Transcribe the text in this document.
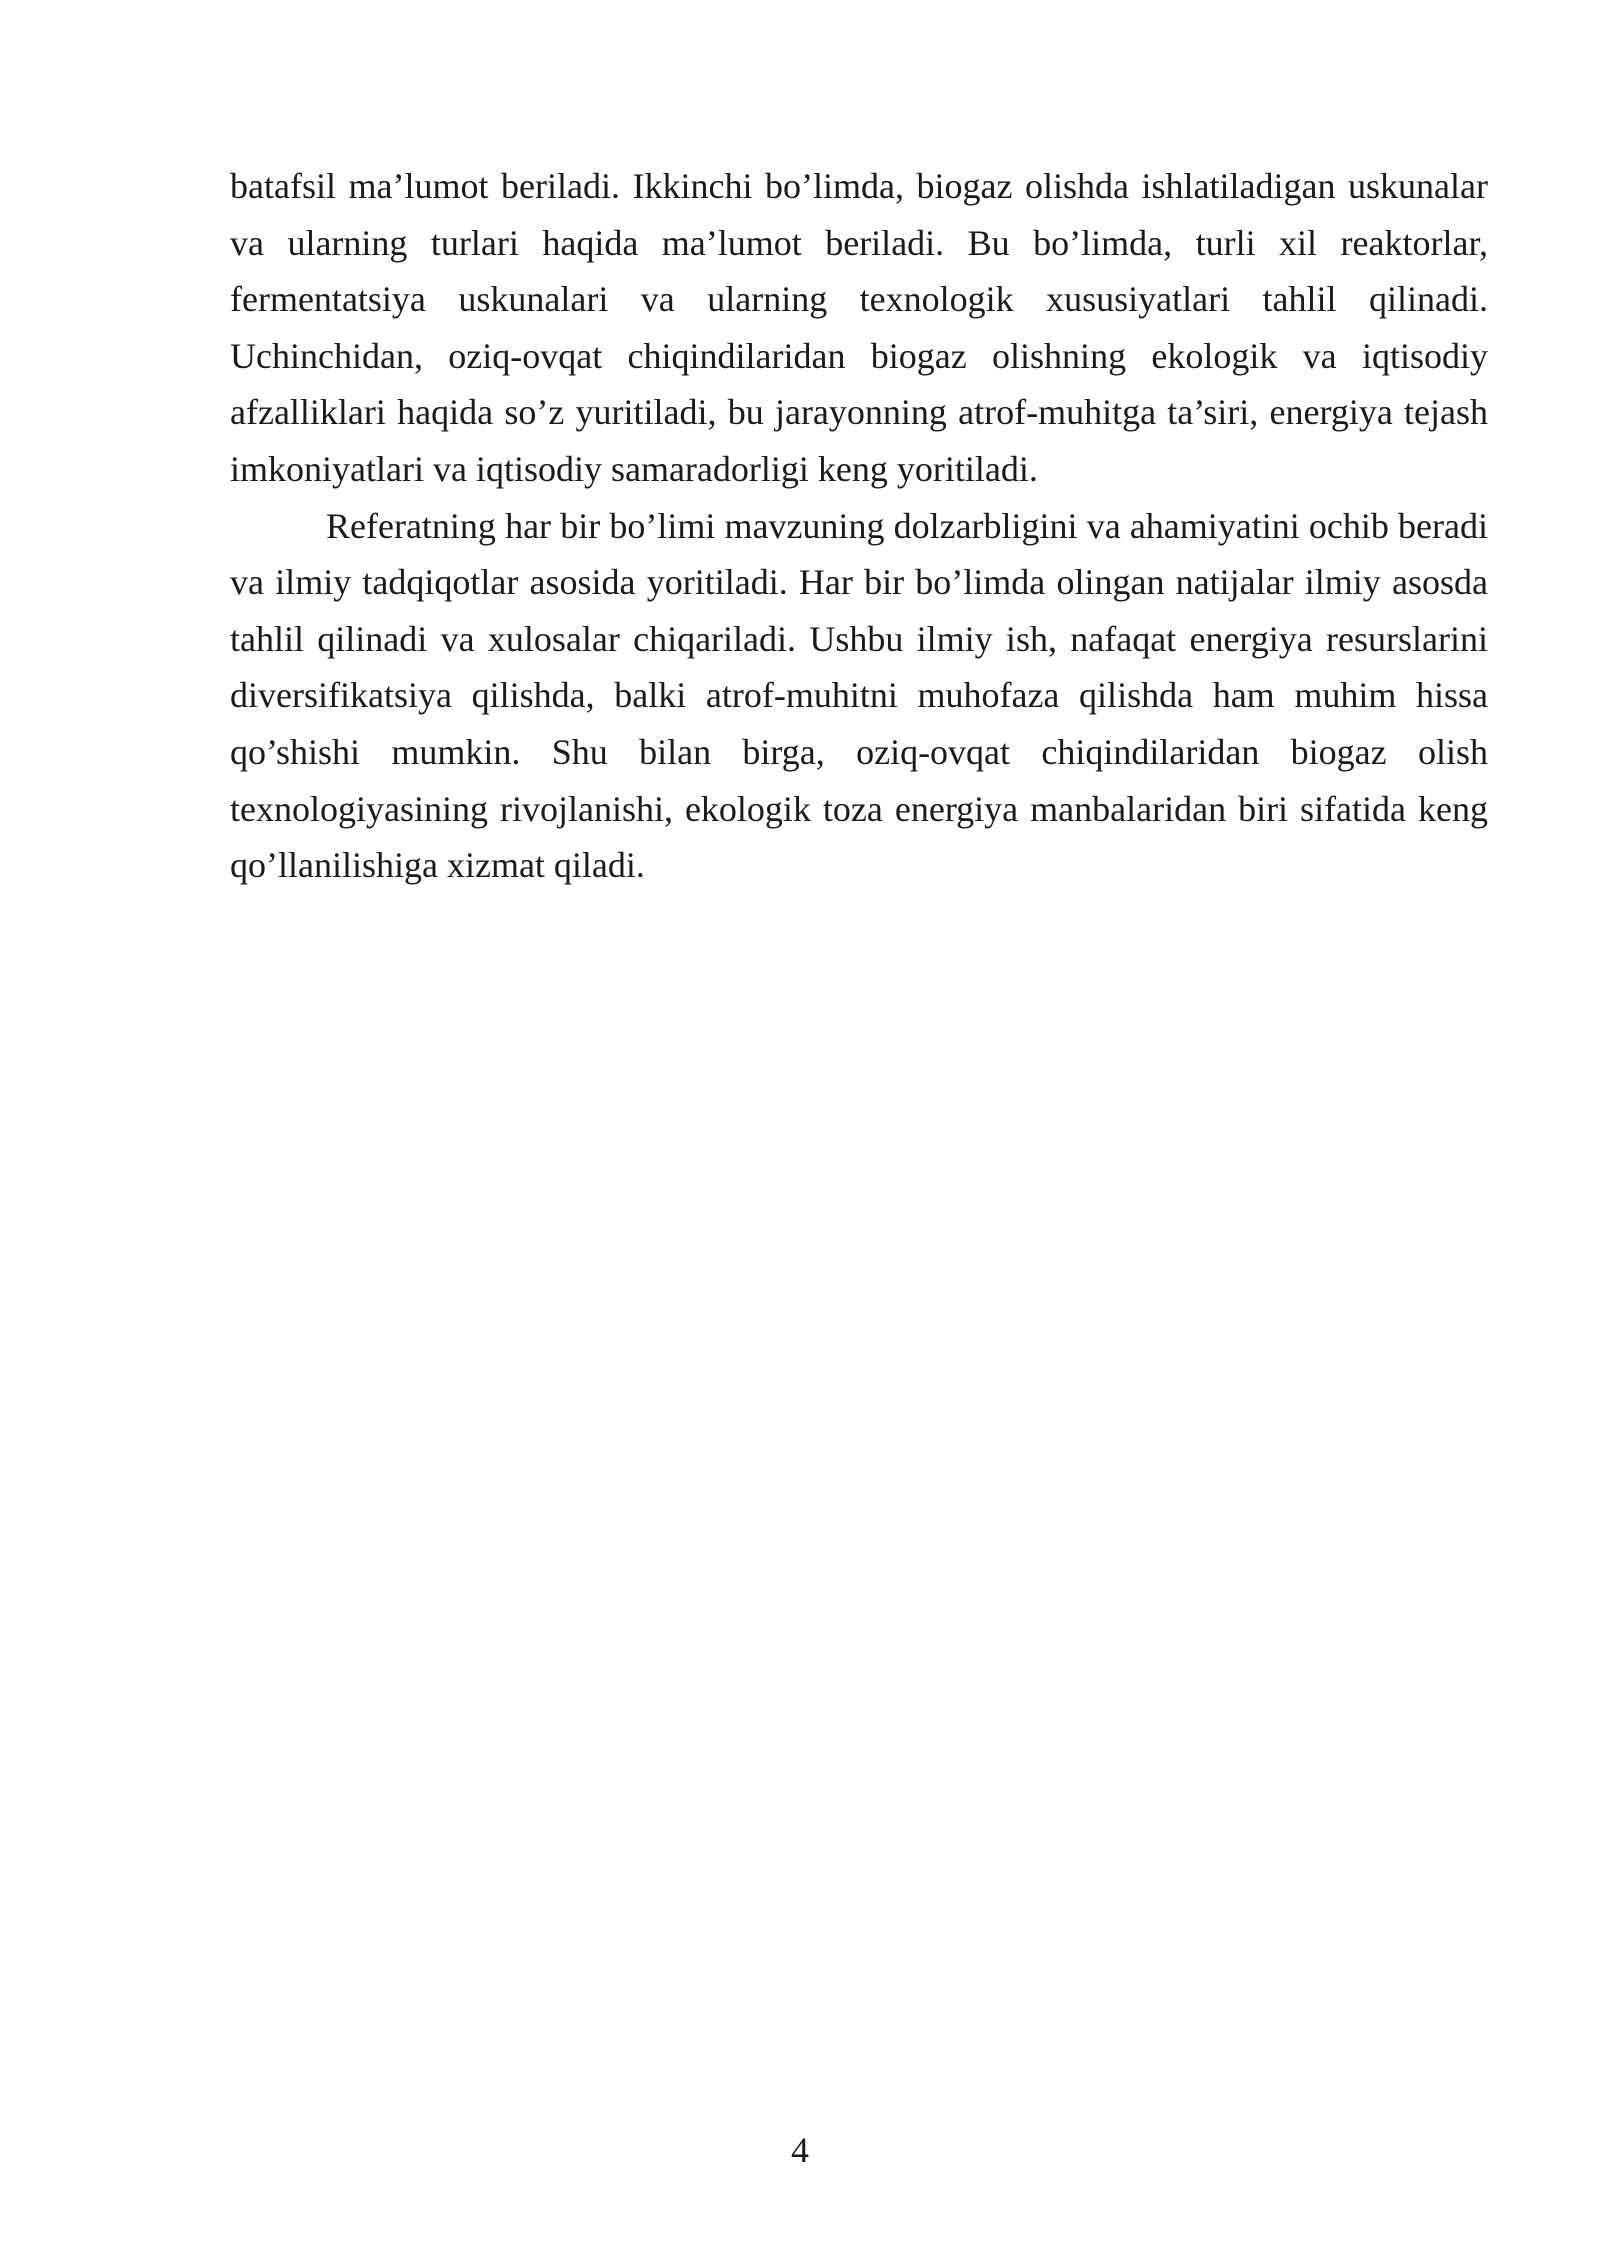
batafsil ma’lumot beriladi. Ikkinchi bo’limda, biogaz olishda ishlatiladigan uskunalar va ularning turlari haqida ma’lumot beriladi. Bu bo’limda, turli xil reaktorlar, fermentatsiya uskunalari va ularning texnologik xususiyatlari tahlil qilinadi. Uchinchidan, oziq-ovqat chiqindilaridan biogaz olishning ekologik va iqtisodiy afzalliklari haqida so’z yuritiladi, bu jarayonning atrof-muhitga ta’siri, energiya tejash imkoniyatlari va iqtisodiy samaradorligi keng yoritiladi.

Referatning har bir bo’limi mavzuning dolzarbligini va ahamiyatini ochib beradi va ilmiy tadqiqotlar asosida yoritiladi. Har bir bo’limda olingan natijalar ilmiy asosda tahlil qilinadi va xulosalar chiqariladi. Ushbu ilmiy ish, nafaqat energiya resurslarini diversifikatsiya qilishda, balki atrof-muhitni muhofaza qilishda ham muhim hissa qo’shishi mumkin. Shu bilan birga, oziq-ovqat chiqindilaridan biogaz olish texnologiyasining rivojlanishi, ekologik toza energiya manbalaridan biri sifatida keng qo’llanilishiga xizmat qiladi.

4
